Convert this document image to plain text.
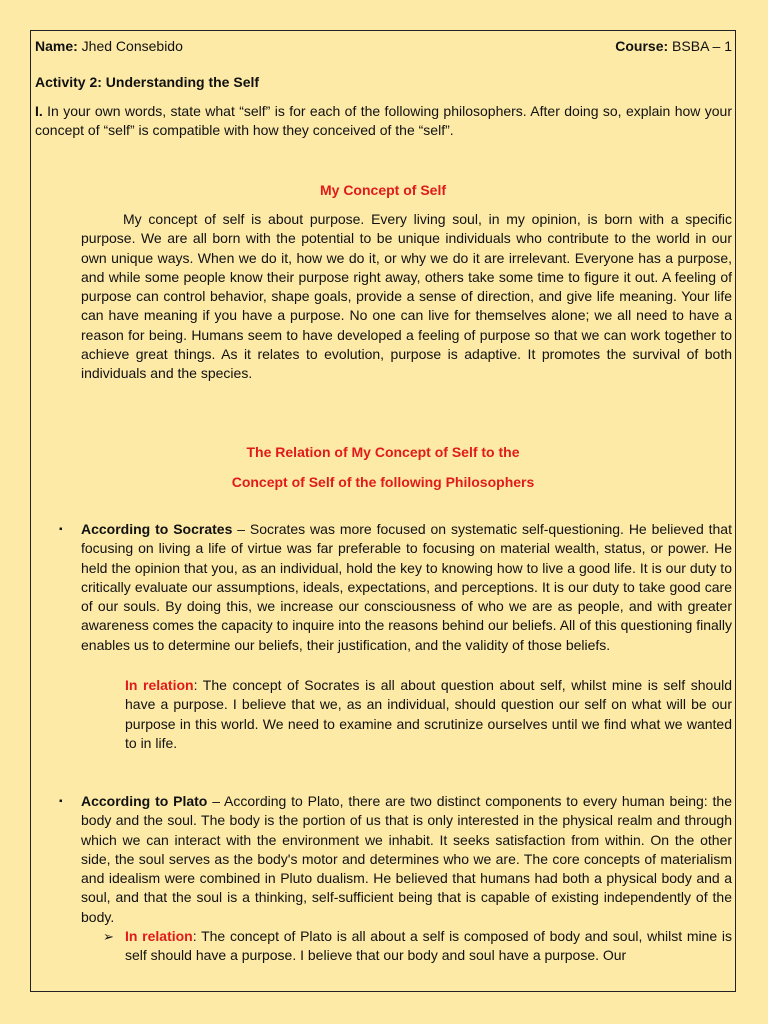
Name: Jhed Consebido	Course: BSBA – 1
Activity 2: Understanding the Self

I. In your own words, state what “self” is for each of the following philosophers. After doing so, explain how your concept of “self” is compatible with how they conceived of the “self”.

My Concept of Self

My concept of self is about purpose. Every living soul, in my opinion, is born with a specific purpose. We are all born with the potential to be unique individuals who contribute to the world in our own unique ways. When we do it, how we do it, or why we do it are irrelevant. Everyone has a purpose, and while some people know their purpose right away, others take some time to figure it out. A feeling of purpose can control behavior, shape goals, provide a sense of direction, and give life meaning. Your life can have meaning if you have a purpose. No one can live for themselves alone; we all need to have a reason for being. Humans seem to have developed a feeling of purpose so that we can work together to achieve great things. As it relates to evolution, purpose is adaptive. It promotes the survival of both individuals and the species.

The Relation of My Concept of Self to the
Concept of Self of the following Philosophers
▪ According to Socrates – Socrates was more focused on systematic self-questioning. He believed that focusing on living a life of virtue was far preferable to focusing on material wealth, status, or power. He held the opinion that you, as an individual, hold the key to knowing how to live a good life. It is our duty to critically evaluate our assumptions, ideals, expectations, and perceptions. It is our duty to take good care of our souls. By doing this, we increase our consciousness of who we are as people, and with greater awareness comes the capacity to inquire into the reasons behind our beliefs. All of this questioning finally enables us to determine our beliefs, their justification, and the validity of those beliefs.

In relation: The concept of Socrates is all about question about self, whilst mine is self should have a purpose. I believe that we, as an individual, should question our self on what will be our purpose in this world. We need to examine and scrutinize ourselves until we find what we wanted to in life.

▪ According to Plato – According to Plato, there are two distinct components to every human being: the body and the soul. The body is the portion of us that is only interested in the physical realm and through which we can interact with the environment we inhabit. It seeks satisfaction from within. On the other side, the soul serves as the body's motor and determines who we are. The core concepts of materialism and idealism were combined in Pluto dualism. He believed that humans had both a physical body and a soul, and that the soul is a thinking, self-sufficient being that is capable of existing independently of the body.

➢ In relation: The concept of Plato is all about a self is composed of body and soul, whilst mine is self should have a purpose. I believe that our body and soul have a purpose. Our
